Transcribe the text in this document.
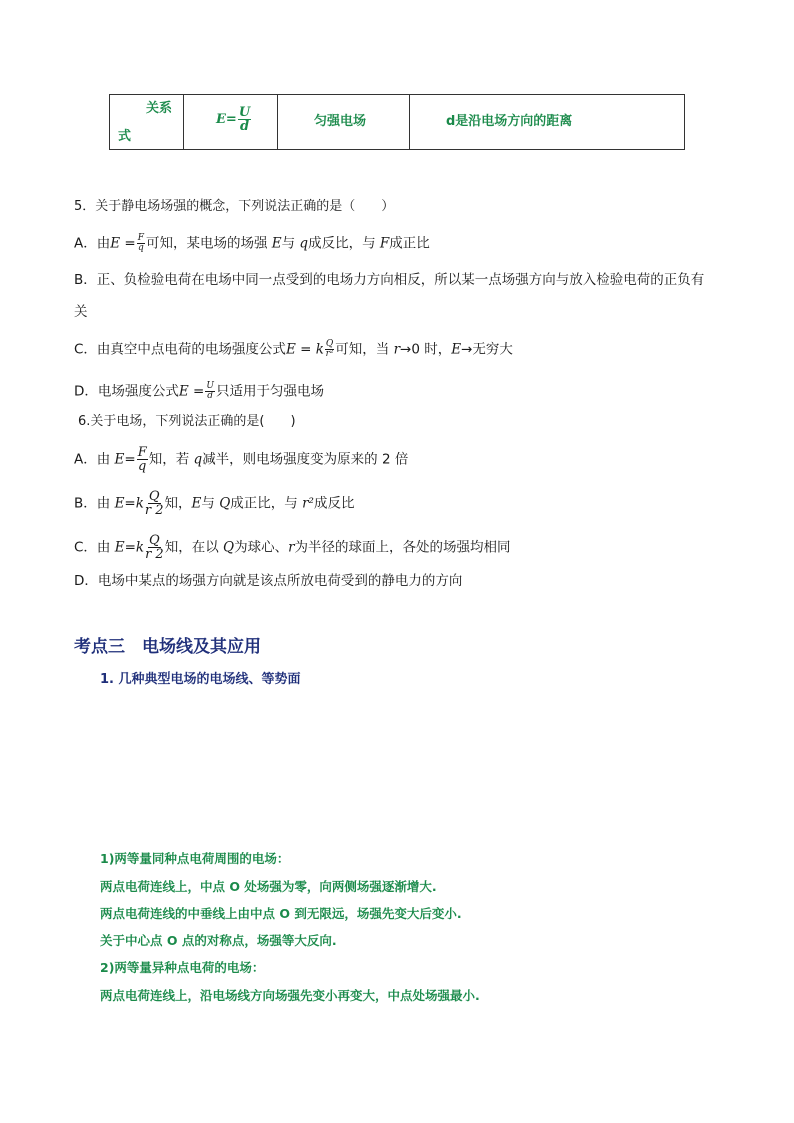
关系
式
$E = \frac{U}{d}$	匀强电场	d是沿电场方向的距离
5．关于静电场场强的概念，下列说法正确的是（　　）
A．由$E = \frac{F}{q}$ 可知，某电场的场强 E与 q成反比，与 F成正比
B．正、负检验电荷在电场中同一点受到的电场力方向相反，所以某一点场强方向与放入检验电荷的正负有
关
C．由真空中点电荷的电场强度公式E = k $\frac{Q}{\text{r²}}$ 可知，当 r→0 时，E→无穷大
D．电场强度公式$E = \frac{U}{d}$ 只适用于匀强电场
6.关于电场，下列说法正确的是(　　)
A．由 $E= \frac{F}{q}$ 知，若 q减半，则电场强度变为原来的 2 倍
B．由 $E=k \frac{Q}{r 2}$ 知，E与 Q成正比，与 r²成反比
C．由 $E=k \frac{Q}{r 2}$ 知，在以 Q为球心、r为半径的球面上，各处的场强均相同
D．电场中某点的场强方向就是该点所放电荷受到的静电力的方向
考点三　电场线及其应用
1. 几种典型电场的电场线、等势面
1)两等量同种点电荷周围的电场：
两点电荷连线上，中点 O 处场强为零，向两侧场强逐渐增大.
两点电荷连线的中垂线上由中点 O 到无限远，场强先变大后变小.
关于中心点 O 点的对称点，场强等大反向.
2)两等量异种点电荷的电场：
两点电荷连线上，沿电场线方向场强先变小再变大，中点处场强最小.
